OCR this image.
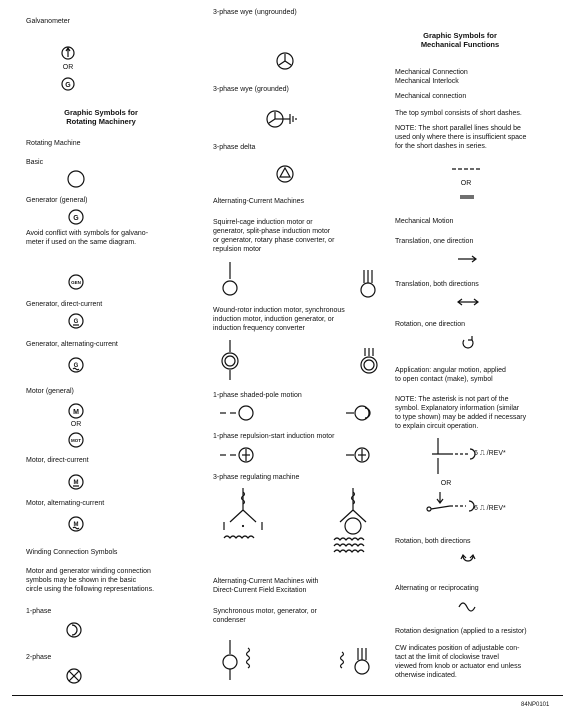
Galvanometer
OR
G
Graphic Symbols for
Rotating Machinery
Rotating Machine
Basic
Generator (general)
G
Avoid conflict with symbols for galvano-
meter if used on the same diagram.
GEN
Generator, direct-current
G
Generator, alternating-current
G
Motor (general)
M
OR
MOT
Motor, direct-current
M
Motor, alternating-current
M
Winding Connection Symbols
Motor and generator winding connection
symbols may be shown in the basic
circle using the following representations.
1-phase
2-phase
3-phase wye (ungrounded)
3-phase wye (grounded)
3-phase delta
Alternating-Current Machines
Squirrel-cage induction motor or
generator, split-phase induction motor
or generator, rotary phase converter, or
repulsion motor
Wound-rotor induction motor, synchronous
induction motor, induction generator, or
induction frequency converter
1-phase shaded-pole motion
1-phase repulsion-start induction motor
3-phase regulating machine
Alternating-Current Machines with
Direct-Current Field Excitation
Synchronous motor, generator, or
condenser
Graphic Symbols for
Mechanical Functions
Mechanical Connection
Mechanical Interlock
Mechanical connection
The top symbol consists of short dashes.
NOTE: The short parallel lines should be
used only where there is insufficient space
for the short dashes in series.
OR
Mechanical Motion
Translation, one direction
Translation, both directions
Rotation, one direction
Application: angular motion, applied
to open contact (make), symbol
NOTE: The asterisk is not part of the
symbol. Explanatory information (similar
to type shown) may be added if necessary
to explain circuit operation.
6 ⎍ /REV*
OR
6 ⎍ /REV*
Rotation, both directions
Alternating or reciprocating
Rotation designation (applied to a resistor)
CW indicates position of adjustable con-
tact at the limit of clockwise travel
viewed from knob or actuator end unless
otherwise indicated.
84NP0101
